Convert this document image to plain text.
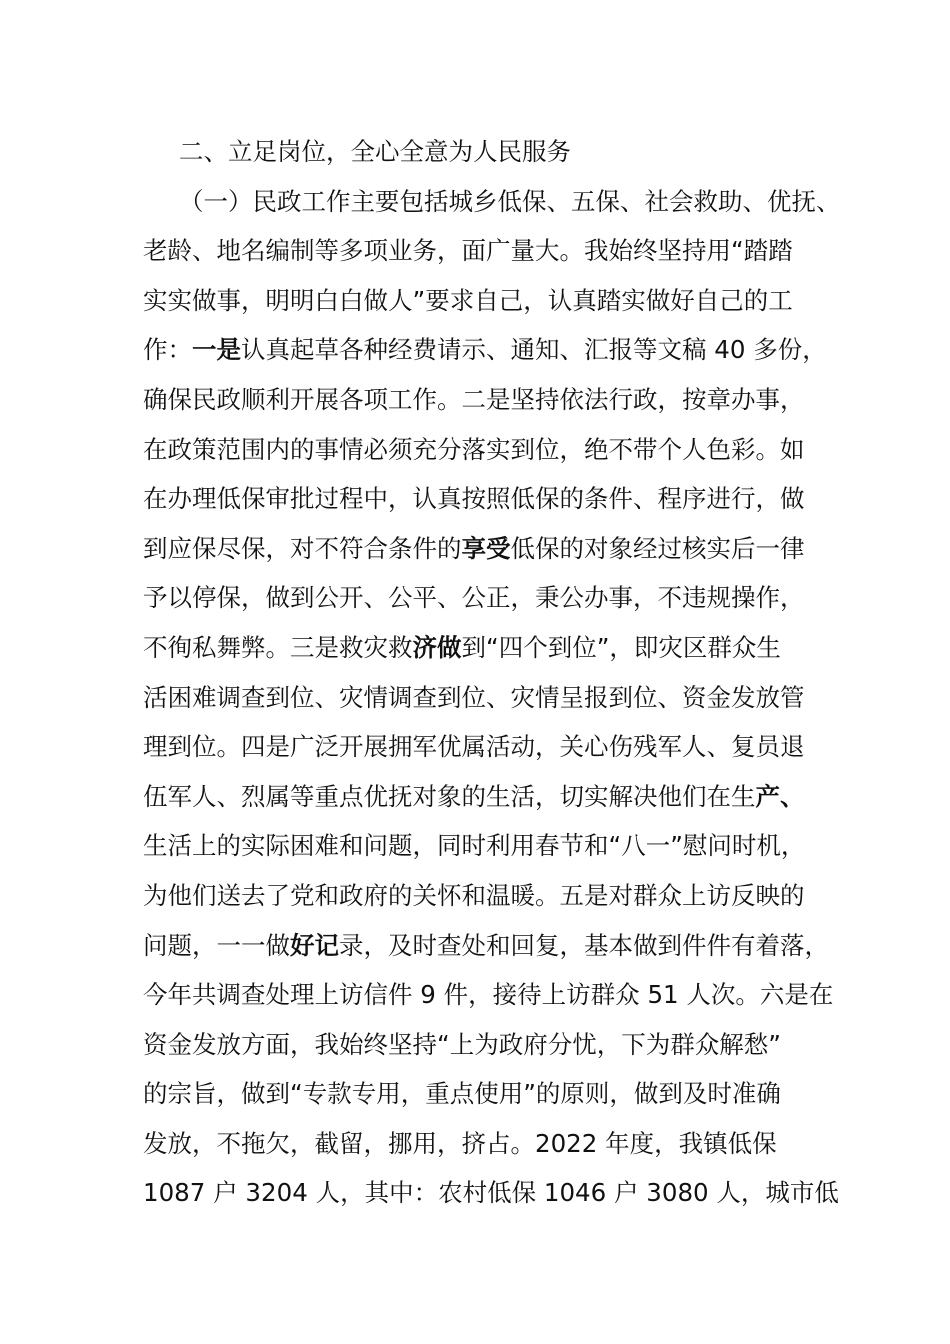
二、立足岗位，全心全意为人民服务
（一）民政工作主要包括城乡低保、五保、社会救助、优抚、
老龄、地名编制等多项业务，面广量大。我始终坚持用“踏踏
实实做事，明明白白做人”要求自己，认真踏实做好自己的工
作：一是认真起草各种经费请示、通知、汇报等文稿 40 多份，
确保民政顺利开展各项工作。二是坚持依法行政，按章办事，
在政策范围内的事情必须充分落实到位，绝不带个人色彩。如
在办理低保审批过程中，认真按照低保的条件、程序进行，做
到应保尽保，对不符合条件的享受低保的对象经过核实后一律
予以停保，做到公开、公平、公正，秉公办事，不违规操作，
不徇私舞弊。三是救灾救济做到“四个到位”，即灾区群众生
活困难调查到位、灾情调查到位、灾情呈报到位、资金发放管
理到位。四是广泛开展拥军优属活动，关心伤残军人、复员退
伍军人、烈属等重点优抚对象的生活，切实解决他们在生产、
生活上的实际困难和问题，同时利用春节和“八一”慰问时机，
为他们送去了党和政府的关怀和温暖。五是对群众上访反映的
问题，一一做好记录，及时查处和回复，基本做到件件有着落，
今年共调查处理上访信件 9 件，接待上访群众 51 人次。六是在
资金发放方面，我始终坚持“上为政府分忧，下为群众解愁”
的宗旨，做到“专款专用，重点使用”的原则，做到及时准确
发放，不拖欠，截留，挪用，挤占。2022 年度，我镇低保
1087 户 3204 人，其中：农村低保 1046 户 3080 人，城市低
